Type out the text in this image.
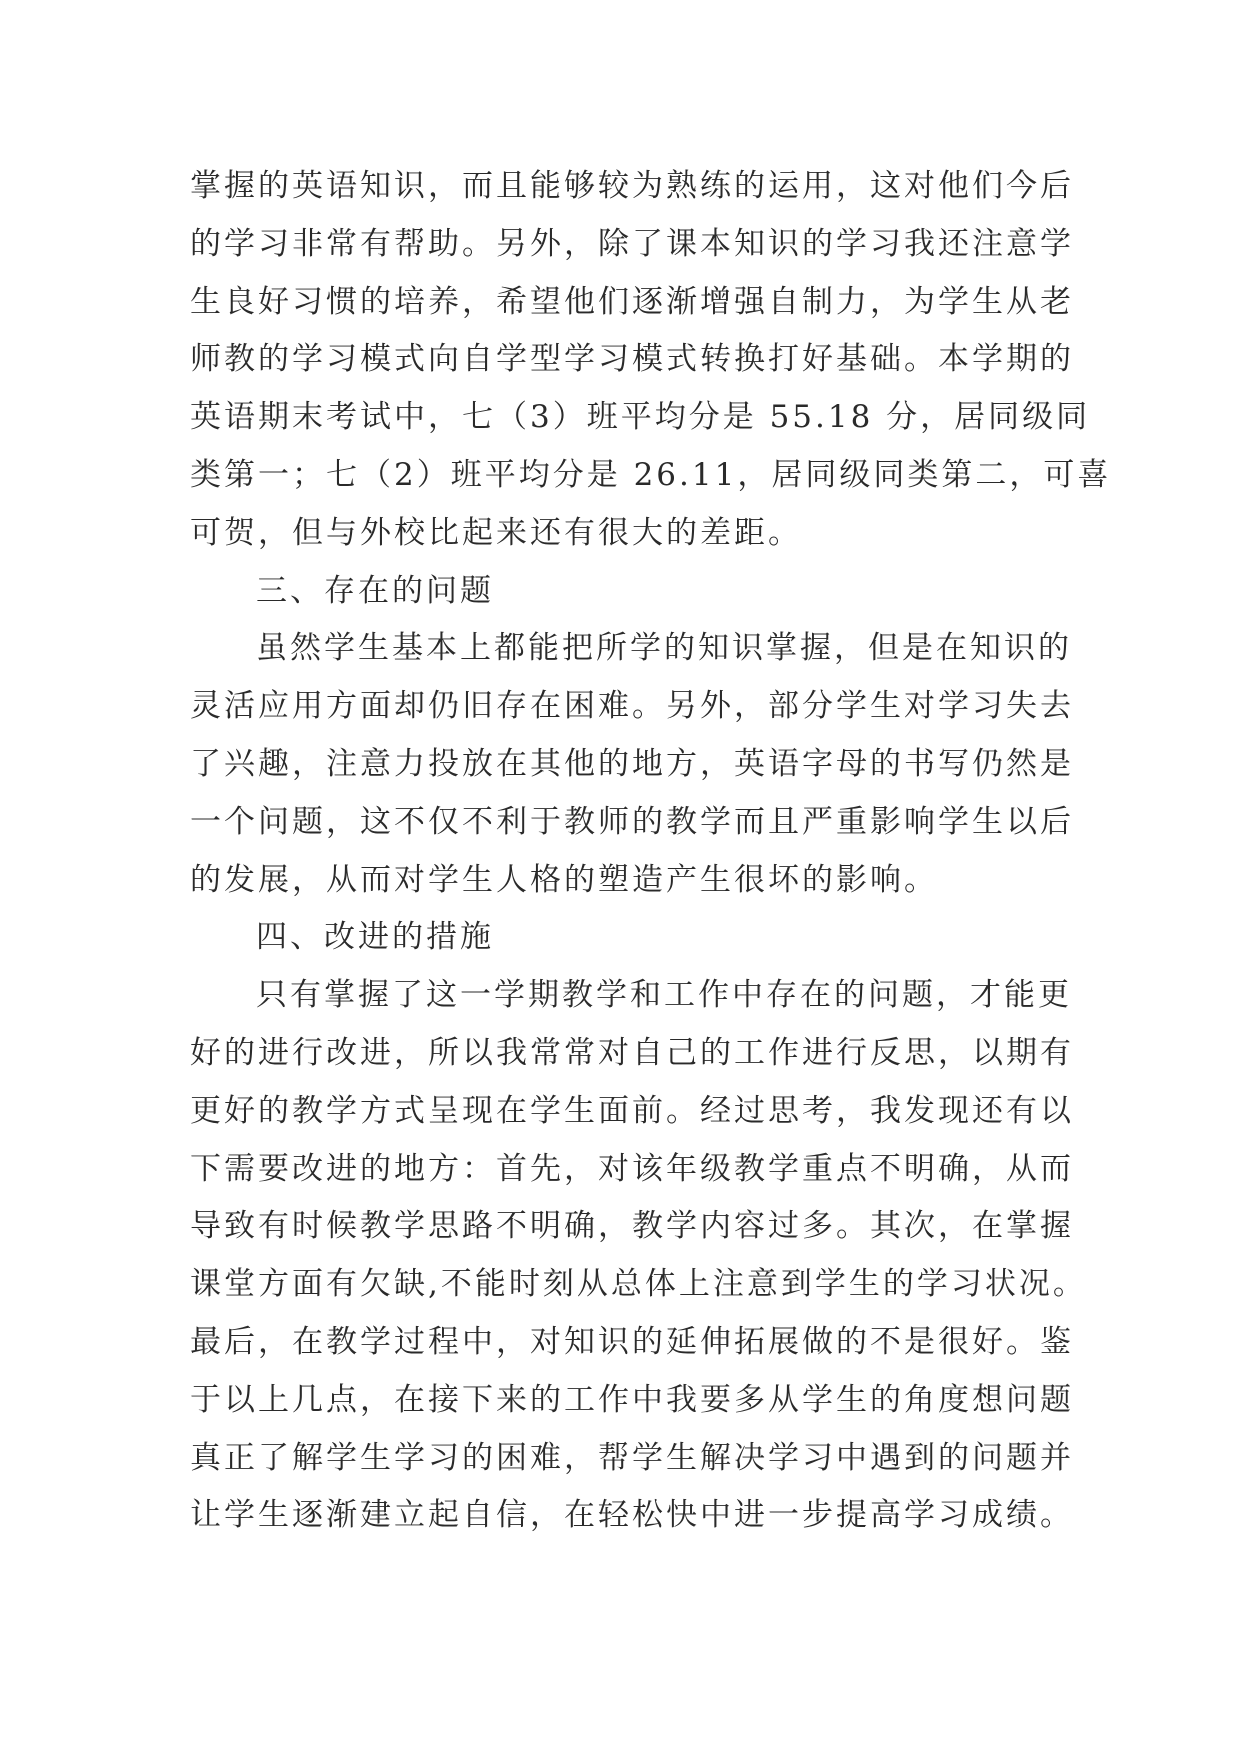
掌握的英语知识，而且能够较为熟练的运用，这对他们今后
的学习非常有帮助。另外，除了课本知识的学习我还注意学
生良好习惯的培养，希望他们逐渐增强自制力，为学生从老
师教的学习模式向自学型学习模式转换打好基础。本学期的
英语期末考试中，七（3）班平均分是 55.18 分，居同级同
类第一；七（2）班平均分是 26.11，居同级同类第二，可喜
可贺，但与外校比起来还有很大的差距。
三、存在的问题
虽然学生基本上都能把所学的知识掌握，但是在知识的
灵活应用方面却仍旧存在困难。另外，部分学生对学习失去
了兴趣，注意力投放在其他的地方，英语字母的书写仍然是
一个问题，这不仅不利于教师的教学而且严重影响学生以后
的发展，从而对学生人格的塑造产生很坏的影响。
四、改进的措施
只有掌握了这一学期教学和工作中存在的问题，才能更
好的进行改进，所以我常常对自己的工作进行反思，以期有
更好的教学方式呈现在学生面前。经过思考，我发现还有以
下需要改进的地方：首先，对该年级教学重点不明确，从而
导致有时候教学思路不明确，教学内容过多。其次，在掌握
课堂方面有欠缺,不能时刻从总体上注意到学生的学习状况。
最后，在教学过程中，对知识的延伸拓展做的不是很好。鉴
于以上几点，在接下来的工作中我要多从学生的角度想问题
真正了解学生学习的困难，帮学生解决学习中遇到的问题并
让学生逐渐建立起自信，在轻松快中进一步提高学习成绩。
